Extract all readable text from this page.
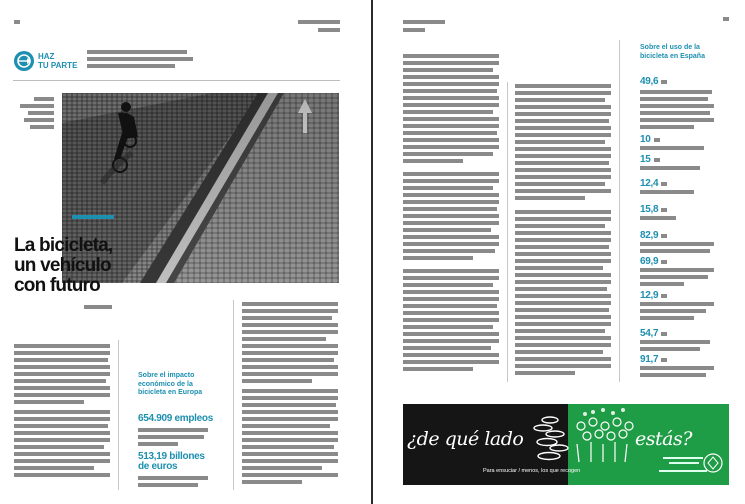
HAZ
TU PARTE
La bicicleta,
un vehículo
con futuro
Sobre el impacto
económico de la
bicicleta en Europa
654.909 empleos
513,19 billones
de euros
Sobre el uso de la
bicicleta en España
49,6
10
15
12,4
15,8
82,9
69,9
12,9
54,7
91,7
¿de qué lado	estás?
Para ensuciar / menos, los que recogen
